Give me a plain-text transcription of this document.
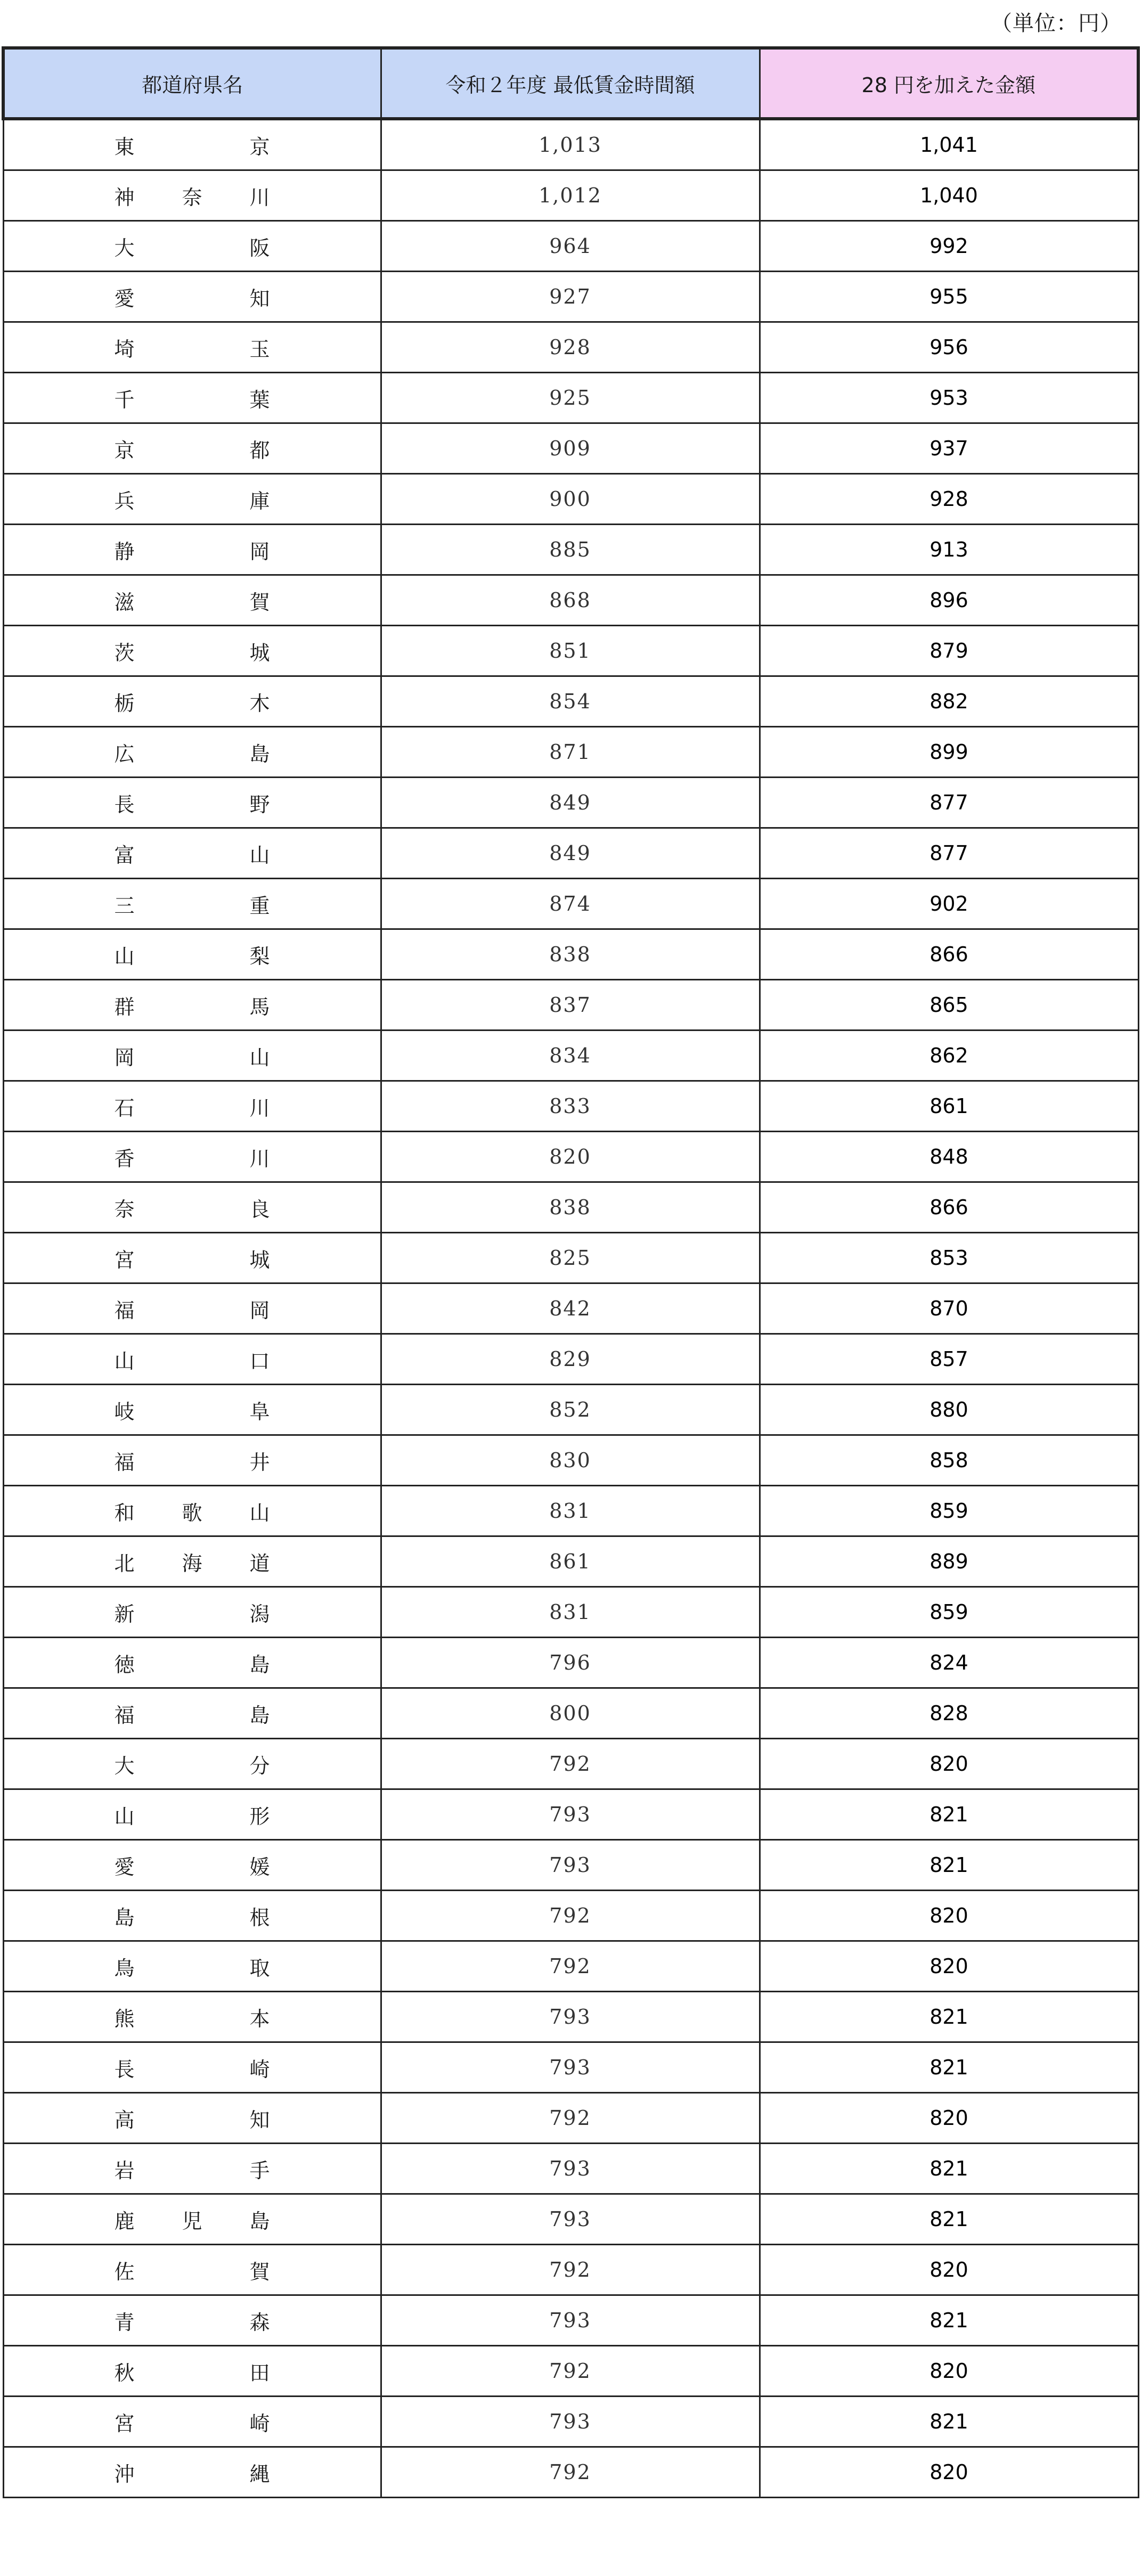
（単位：円）
都道府県名	令和２年度 最低賃金時間額	28 円を加えた金額

東 京	1,013	1,041

神 奈 川	1,012	1,040

大 阪	964	992

愛 知	927	955

埼 玉	928	956

千 葉	925	953

京 都	909	937

兵 庫	900	928

静 岡	885	913

滋 賀	868	896

茨 城	851	879

栃 木	854	882

広 島	871	899

長 野	849	877

富 山	849	877

三 重	874	902

山 梨	838	866

群 馬	837	865

岡 山	834	862

石 川	833	861

香 川	820	848

奈 良	838	866

宮 城	825	853

福 岡	842	870

山 口	829	857

岐 阜	852	880

福 井	830	858

和 歌 山	831	859

北 海 道	861	889

新 潟	831	859

徳 島	796	824

福 島	800	828

大 分	792	820

山 形	793	821

愛 媛	793	821

島 根	792	820

鳥 取	792	820

熊 本	793	821

長 崎	793	821

高 知	792	820

岩 手	793	821

鹿 児 島	793	821

佐 賀	792	820

青 森	793	821

秋 田	792	820

宮 崎	793	821

沖 縄	792	820
